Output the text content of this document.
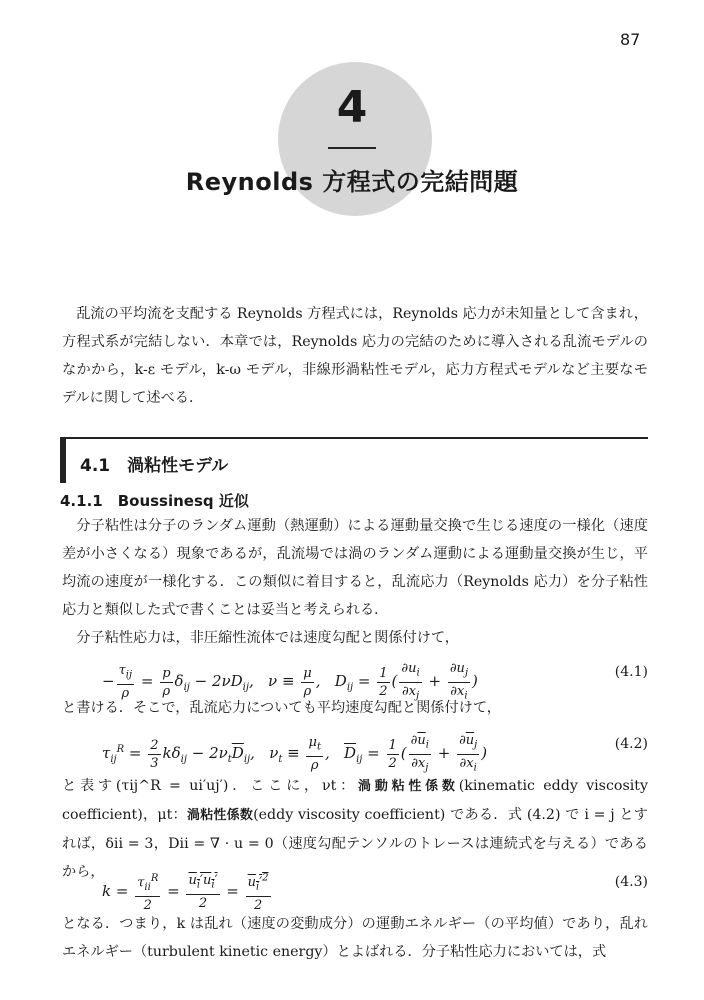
87
4
Reynolds 方程式の完結問題
乱流の平均流を支配する Reynolds 方程式には，Reynolds 応力が未知量として含まれ，方程式系が完結しない．本章では，Reynolds 応力の完結のために導入される乱流モデルのなかから，k-ε モデル，k-ω モデル，非線形渦粘性モデル，応力方程式モデルなど主要なモデルに関して述べる．
4.1　渦粘性モデル
4.1.1　Boussinesq 近似
分子粘性は分子のランダム運動（熱運動）による運動量交換で生じる速度の一様化（速度差が小さくなる）現象であるが，乱流場では渦のランダム運動による運動量交換が生じ，平均流の速度が一様化する．この類似に着目すると，乱流応力（Reynolds 応力）を分子粘性応力と類似した式で書くことは妥当と考えられる．
分子粘性応力は，非圧縮性流体では速度勾配と関係付けて，
− $\frac{\tau_{ij}}{\rho} = \frac{p}{\rho} \delta_{ij} - 2\nu D_{ij}$,   $\nu \equiv \frac{\mu}{\rho}$ ,   $D_{ij} = \frac{1}{2}$ ( $\frac{\partial u_i}{\partial x_j} + \frac{\partial u_j}{\partial x_i}$ )
(4.1)
と書ける．そこで，乱流応力についても平均速度勾配と関係付けて，
$\tau_{ij}^R = \frac{2}{3} k\delta_{ij} - 2\nu_t\overline{D}_{ij}$,   $\nu_t \equiv \frac{\mu_t}{\rho}$ ,   $\overline{D}_{ij} = \frac{1}{2}$ ( $\frac{\partial\overline{u}_i}{\partial x_j} + \frac{\partial\overline{u}_j}{\partial x_i}$ )
(4.2)
と表す(τij^R = ui′uj′)．ここに，νt：渦動粘性係数(kinematic eddy viscosity coefficient)，μt：渦粘性係数(eddy viscosity coefficient) である．式 (4.2) で i = j とすれば，δii = 3，Dii = ∇ · u = 0（速度勾配テンソルのトレースは連続式を与える）であるから，
$k = \frac{\tau_{ii}^R}{2} = \frac{u_i'u_i'}{2} = \frac{u_i'^2}{2}$	(4.3)
となる．つまり，k は乱れ（速度の変動成分）の運動エネルギー（の平均値）であり，乱れエネルギー（turbulent kinetic energy）とよばれる．分子粘性応力においては，式
